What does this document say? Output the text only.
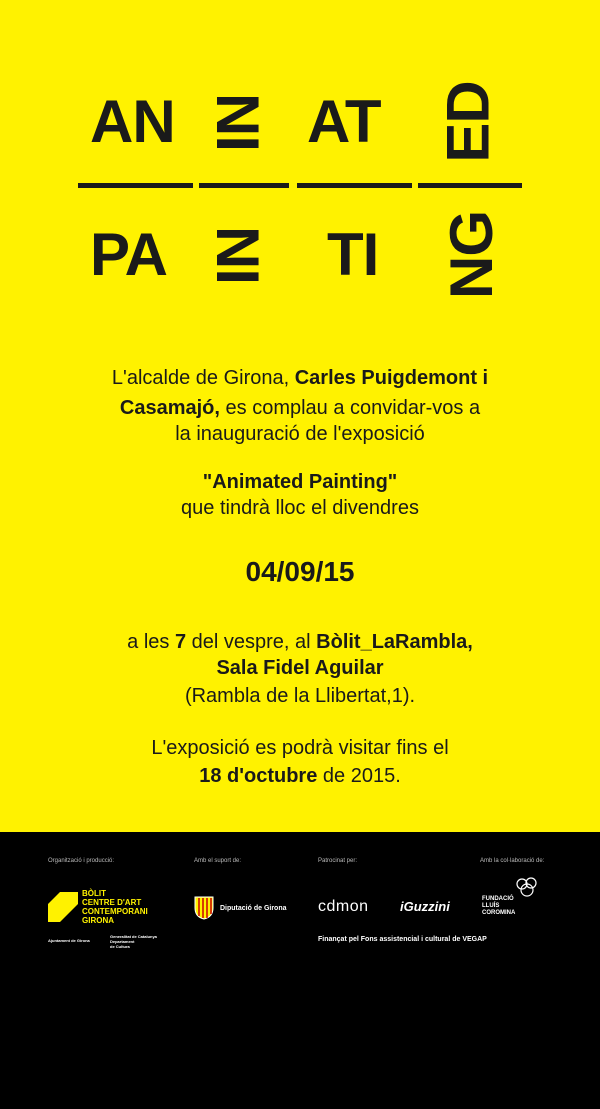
AN NI AT ED
PA NI TI NG
L'alcalde de Girona, Carles Puigdemont i
Casamajó, es complau a convidar-vos a
la inauguració de l'exposició
"Animated Painting"
que tindrà lloc el divendres
04/09/15
a les 7 del vespre, al Bòlit_LaRambla,
Sala Fidel Aguilar
(Rambla de la Llibertat,1).
L'exposició es podrà visitar fins el
18 d'octubre de 2015.
Organització i producció:	Amb el suport de:	Patrocinat per:	Amb la col·laboració de:
BÒLIT
CENTRE D'ART
CONTEMPORANI
GIRONA
Ajuntament de Girona
Generalitat de Catalunya
Departament
de Cultura
Diputació de Girona cdmon iGuzzini	FUNDACIÓ
LLUÍS
COROMINA
Finançat pel Fons assistencial i cultural de VEGAP
